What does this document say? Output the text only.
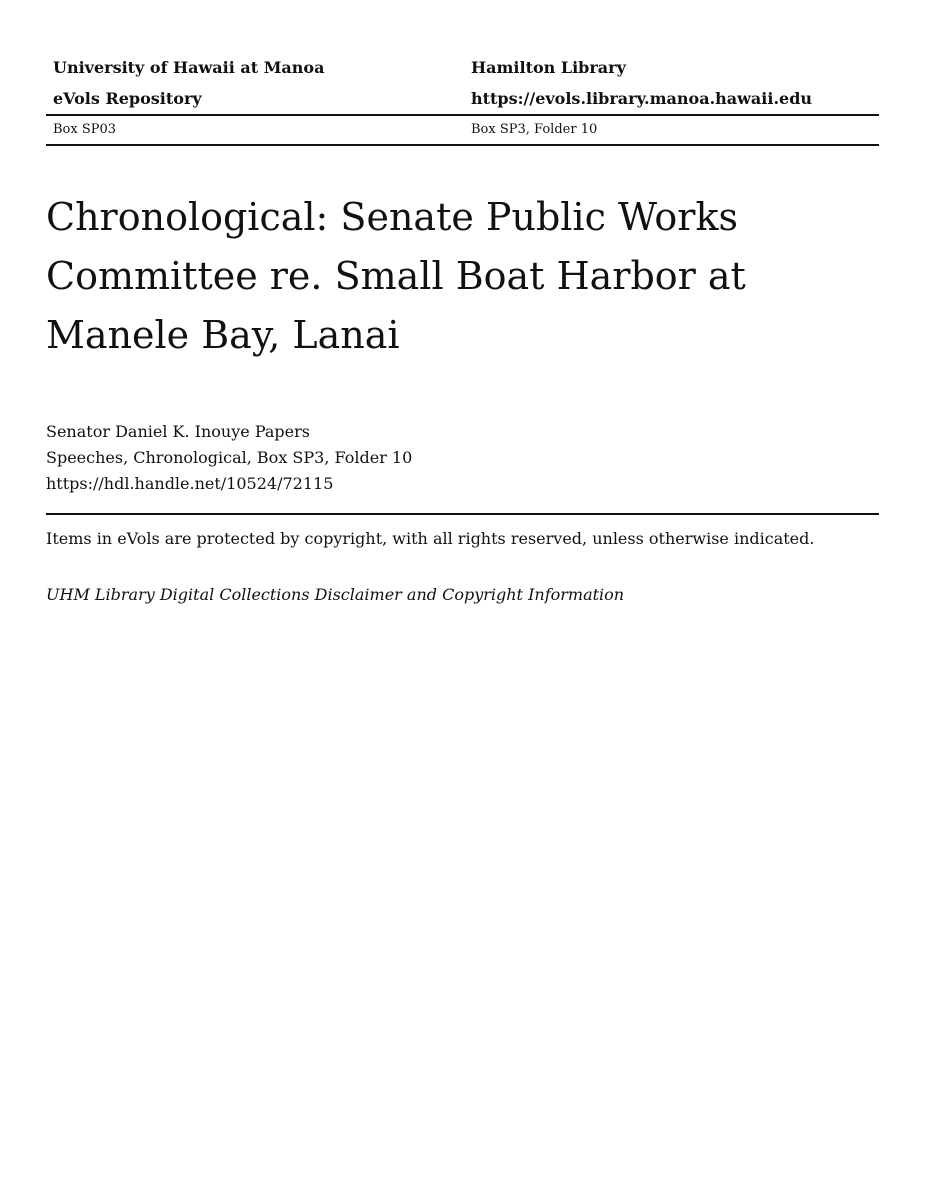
University of Hawaii at Manoa	Hamilton Library
eVols Repository	https://evols.library.manoa.hawaii.edu
Box SP03	Box SP3, Folder 10
Chronological: Senate Public Works Committee re. Small Boat Harbor at Manele Bay, Lanai
Senator Daniel K. Inouye Papers
Speeches, Chronological, Box SP3, Folder 10
https://hdl.handle.net/10524/72115
Items in eVols are protected by copyright, with all rights reserved, unless otherwise indicated.
UHM Library Digital Collections Disclaimer and Copyright Information
